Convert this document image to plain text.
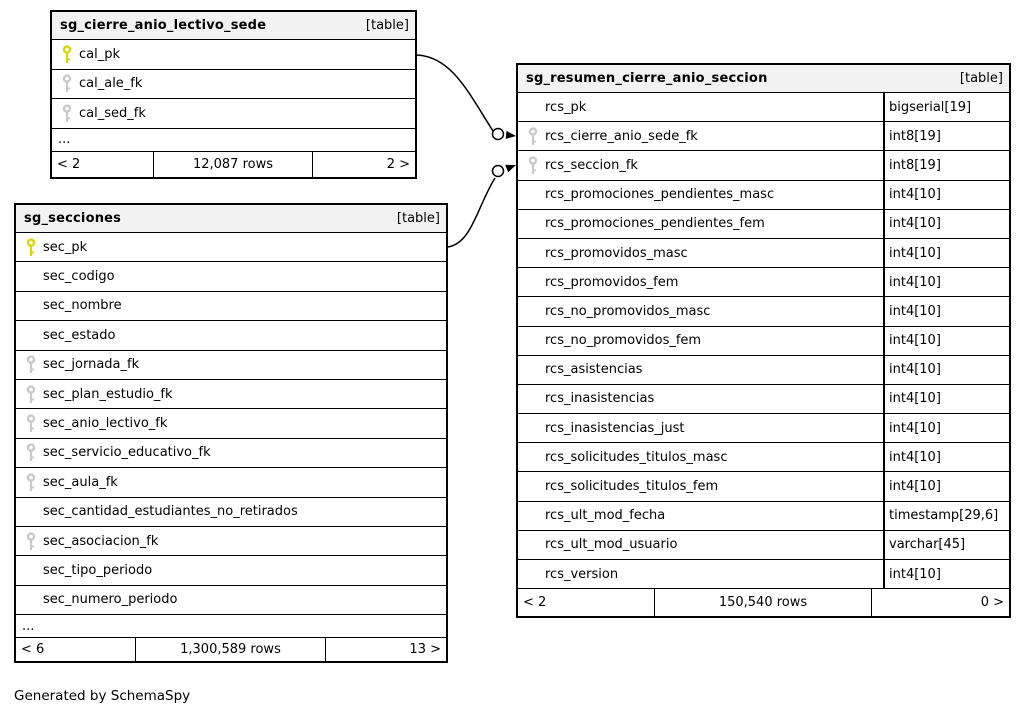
sg_cierre_anio_lectivo_sede	[table]
cal_pk
cal_ale_fk
cal_sed_fk
...
< 2	12,087 rows	2 >
sg_secciones	[table]
sec_pk
sec_codigo
sec_nombre
sec_estado
sec_jornada_fk
sec_plan_estudio_fk
sec_anio_lectivo_fk
sec_servicio_educativo_fk
sec_aula_fk
sec_cantidad_estudiantes_no_retirados
sec_asociacion_fk
sec_tipo_periodo
sec_numero_periodo
...
< 6	1,300,589 rows	13 >
sg_resumen_cierre_anio_seccion	[table]
rcs_pk	bigserial[19]
rcs_cierre_anio_sede_fk	int8[19]
rcs_seccion_fk	int8[19]
rcs_promociones_pendientes_masc	int4[10]
rcs_promociones_pendientes_fem	int4[10]
rcs_promovidos_masc	int4[10]
rcs_promovidos_fem	int4[10]
rcs_no_promovidos_masc	int4[10]
rcs_no_promovidos_fem	int4[10]
rcs_asistencias	int4[10]
rcs_inasistencias	int4[10]
rcs_inasistencias_just	int4[10]
rcs_solicitudes_titulos_masc	int4[10]
rcs_solicitudes_titulos_fem	int4[10]
rcs_ult_mod_fecha	timestamp[29,6]
rcs_ult_mod_usuario	varchar[45]
rcs_version	int4[10]
< 2	150,540 rows	0 >
Generated by SchemaSpy
